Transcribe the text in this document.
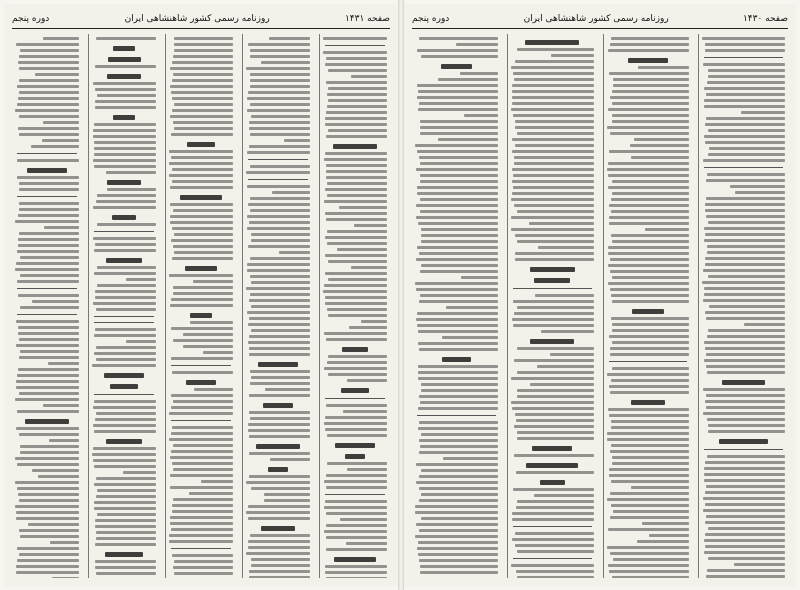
صفحه ۱۴۳۱
روزنامه رسمی کشور شاهنشاهی ایران
دوره پنجم	صفحه ۱۴۳۰
روزنامه رسمی کشور شاهنشاهی ایران
دوره پنجم
